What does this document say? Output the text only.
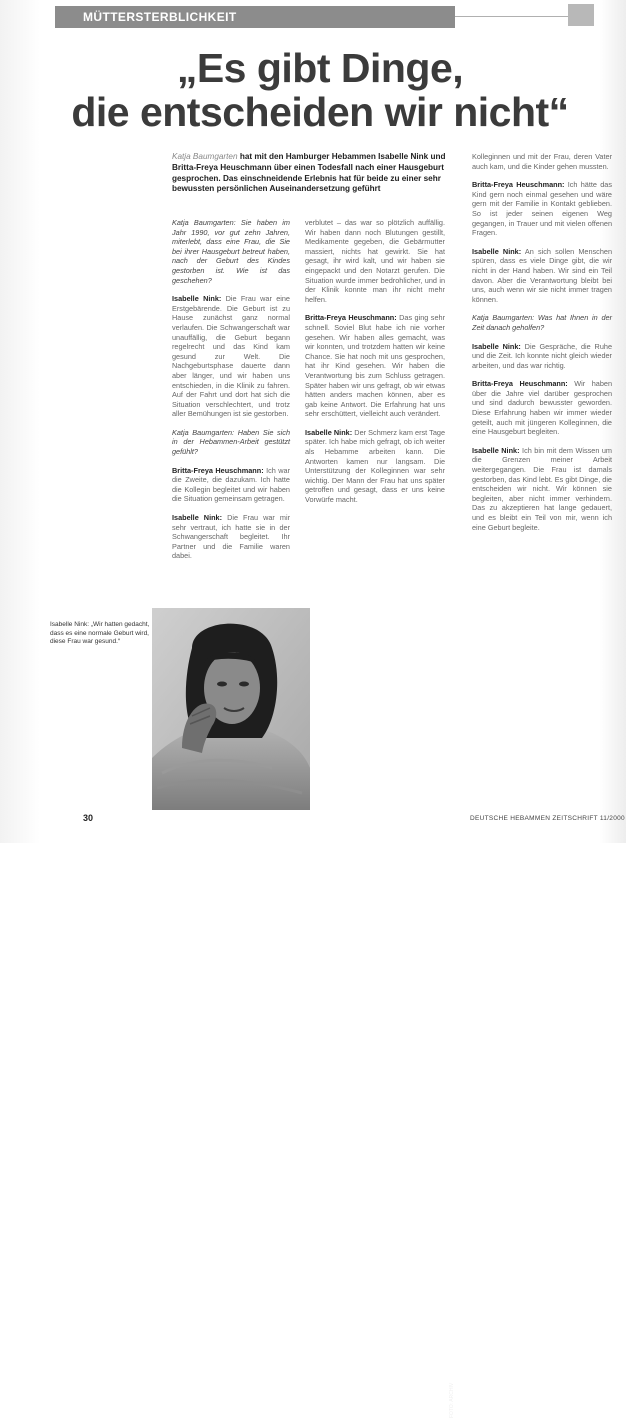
MÜTTERSTERBLICHKEIT
„Es gibt Dinge,
die entscheiden wir nicht“
Katja Baumgarten hat mit den Hamburger Hebammen Isabelle Nink und Britta-Freya Heuschmann über einen Todesfall nach einer Hausgeburt gesprochen. Das einschneidende Erlebnis hat für beide zu einer sehr bewussten persönlichen Auseinandersetzung geführt

Katja Baumgarten: Sie haben im Jahr 1990, vor gut zehn Jahren, miterlebt, dass eine Frau, die Sie bei ihrer Hausgeburt betreut haben, nach der Geburt des Kindes gestorben ist. Wie ist das geschehen?

Isabelle Nink: Die Frau war eine Erstgebärende. Die Geburt ist zu Hause zunächst ganz normal verlaufen. Die Schwangerschaft war unauffällig, die Geburt begann regelrecht und das Kind kam gesund zur Welt. Die Nachgeburtsphase dauerte dann aber länger, und wir haben uns entschieden, in die Klinik zu fahren. Auf der Fahrt und dort hat sich die Situation verschlechtert, und trotz aller Bemühungen ist sie gestorben.

Katja Baumgarten: Haben Sie sich in der Hebammen-Arbeit gestützt gefühlt?

Britta-Freya Heuschmann: Ich war die Zweite, die dazukam. Ich hatte die Kollegin begleitet und wir haben die Situation gemeinsam getragen.

Isabelle Nink: Die Frau war mir sehr vertraut, ich hatte sie in der Schwangerschaft begleitet. Ihr Partner und die Familie waren dabei.

verblutet – das war so plötzlich auffällig. Wir haben dann noch Blutungen gestillt, Medikamente gegeben, die Gebärmutter massiert, nichts hat gewirkt. Sie hat gesagt, ihr wird kalt, und wir haben sie eingepackt und den Notarzt gerufen. Die Situation wurde immer bedrohlicher, und in der Klinik konnte man ihr nicht mehr helfen.

Britta-Freya Heuschmann: Das ging sehr schnell. Soviel Blut habe ich nie vorher gesehen. Wir haben alles gemacht, was wir konnten, und trotzdem hatten wir keine Chance. Sie hat noch mit uns gesprochen, hat ihr Kind gesehen. Wir haben die Verantwortung bis zum Schluss getragen. Später haben wir uns gefragt, ob wir etwas hätten anders machen können, aber es gab keine Antwort. Die Erfahrung hat uns sehr erschüttert, vielleicht auch verändert.

Isabelle Nink: Der Schmerz kam erst Tage später. Ich habe mich gefragt, ob ich weiter als Hebamme arbeiten kann. Die Antworten kamen nur langsam. Die Unterstützung der Kolleginnen war sehr wichtig. Der Mann der Frau hat uns später getroffen und gesagt, dass er uns keine Vorwürfe macht.

Kolleginnen und mit der Frau, deren Vater auch kam, und die Kinder gehen mussten.

Britta-Freya Heuschmann: Ich hätte das Kind gern noch einmal gesehen und wäre gern mit der Familie in Kontakt geblieben. So ist jeder seinen eigenen Weg gegangen, in Trauer und mit vielen offenen Fragen.

Isabelle Nink: An sich sollen Menschen spüren, dass es viele Dinge gibt, die wir nicht in der Hand haben. Wir sind ein Teil davon. Aber die Verantwortung bleibt bei uns, auch wenn wir sie nicht immer tragen können.

Katja Baumgarten: Was hat Ihnen in der Zeit danach geholfen?

Isabelle Nink: Die Gespräche, die Ruhe und die Zeit. Ich konnte nicht gleich wieder arbeiten, und das war richtig.

Britta-Freya Heuschmann: Wir haben über die Jahre viel darüber gesprochen und sind dadurch bewusster geworden. Diese Erfahrung haben wir immer wieder geteilt, auch mit jüngeren Kolleginnen, die eine Hausgeburt begleiten.

Isabelle Nink: Ich bin mit dem Wissen um die Grenzen meiner Arbeit weitergegangen. Die Frau ist damals gestorben, das Kind lebt. Es gibt Dinge, die entscheiden wir nicht. Wir können sie begleiten, aber nicht immer verhindern. Das zu akzeptieren hat lange gedauert, und es bleibt ein Teil von mir, wenn ich eine Geburt begleite.

Isabelle Nink: „Wir hatten gedacht, dass es eine normale Geburt wird, diese Frau war gesund.“
FOTO: ARCHIV
30	DEUTSCHE HEBAMMEN ZEITSCHRIFT 11/2000
